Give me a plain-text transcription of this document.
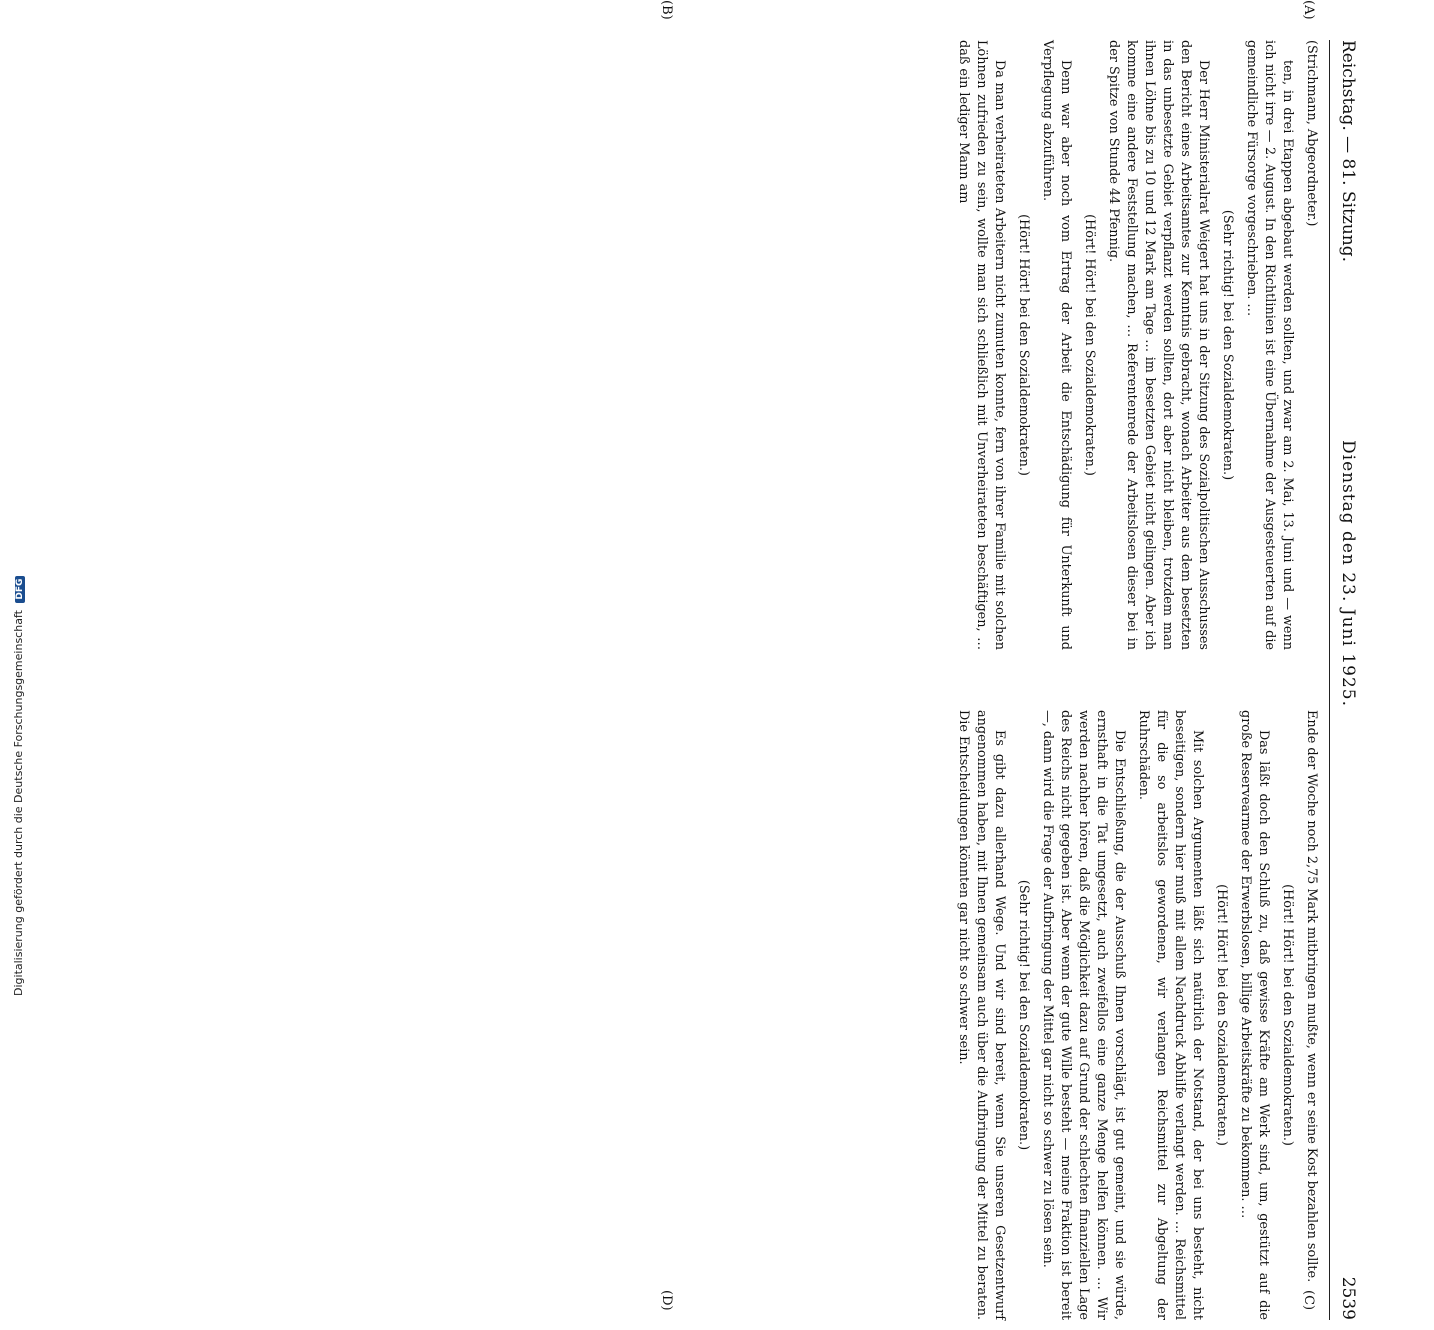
Reichstag. — 81. Sitzung.
Dienstag den 23. Juni 1925.
2539
(A)
(B)
(C)
(D)

(Strichmann, Abgeordneter.)

ten, in drei Etappen abgebaut werden sollten, und zwar am 2. Mai, 13. Juni und — wenn ich nicht irre — 2. August. In den Richtlinien ist eine Übernahme der Ausgesteuerten auf die gemeindliche Fürsorge vorgeschrieben. …

(Sehr richtig! bei den Sozialdemokraten.)

Der Herr Ministerialrat Weigert hat uns in der Sitzung des Sozialpolitischen Ausschusses den Bericht eines Arbeitsamtes zur Kenntnis gebracht, wonach Arbeiter aus dem besetzten in das unbesetzte Gebiet verpflanzt werden sollten, dort aber nicht bleiben, trotzdem man ihnen Löhne bis zu 10 und 12 Mark am Tage … im besetzten Gebiet nicht gelingen. Aber ich komme eine andere Feststellung machen, … Referentenrede der Arbeitslosen dieser bei in der Spitze von Stunde 44 Pfennig.

(Hört! Hört! bei den Sozialdemokraten.)

Denn war aber noch vom Ertrag der Arbeit die Entschädigung für Unterkunft und Verpflegung abzuführen.

(Hört! Hört! bei den Sozialdemokraten.)

Da man verheirateten Arbeitern nicht zumuten konnte, fern von ihrer Familie mit solchen Löhnen zufrieden zu sein, wollte man sich schließlich mit Unverheirateten beschäftigen, … daß ein lediger Mann am

Ende der Woche noch 2,75 Mark mitbringen mußte, wenn er seine Kost bezahlen sollte.

(Hört! Hört! bei den Sozialdemokraten.)

Das läßt doch den Schluß zu, daß gewisse Kräfte am Werk sind, um, gestützt auf die große Reservearmee der Erwerbslosen, billige Arbeitskräfte zu bekommen. …

(Hört! Hört! bei den Sozialdemokraten.)

Mit solchen Argumenten läßt sich natürlich der Notstand, der bei uns besteht, nicht beseitigen, sondern hier muß mit allem Nachdruck Abhilfe verlangt werden. … Reichsmittel für die so arbeitslos gewordenen, wir verlangen Reichsmittel zur Abgeltung der Ruhrschäden.

Die Entschließung, die der Ausschuß Ihnen vorschlägt, ist gut gemeint, und sie würde, ernsthaft in die Tat umgesetzt, auch zweifellos eine ganze Menge helfen können. … Wir werden nachher hören, daß die Möglichkeit dazu auf Grund der schlechten finanziellen Lage des Reichs nicht gegeben ist. Aber wenn der gute Wille besteht — meine Fraktion ist bereit —, dann wird die Frage der Aufbringung der Mittel gar nicht so schwer zu lösen sein.

(Sehr richtig! bei den Sozialdemokraten.)

Es gibt dazu allerhand Wege. Und wir sind bereit, wenn Sie unseren Gesetzentwurf angenommen haben, mit Ihnen gemeinsam auch über die Aufbringung der Mittel zu beraten. Die Entscheidungen könnten gar nicht so schwer sein.

Digitalisierung gefördert durch die Deutsche Forschungsgemeinschaft DFG
